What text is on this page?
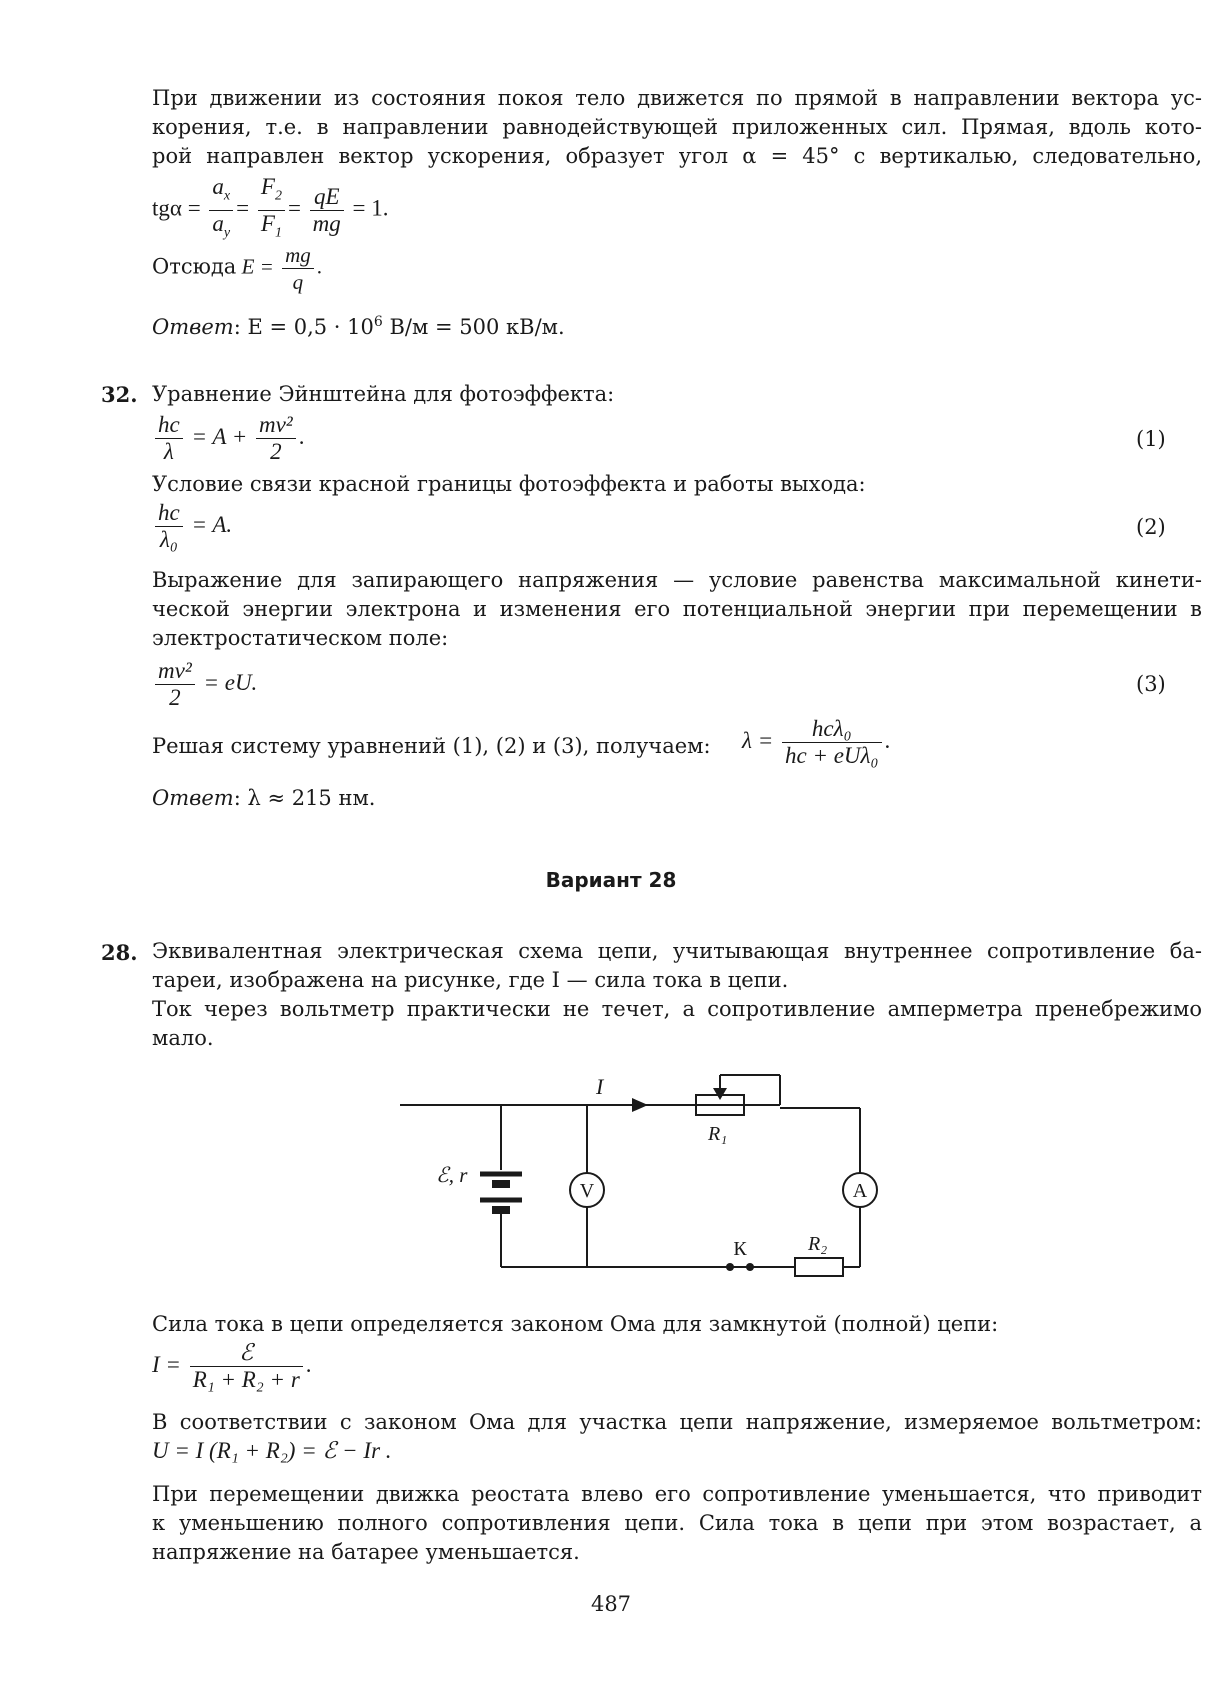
При движении из состояния покоя тело движется по прямой в направлении вектора ус-
корения, т.е. в направлении равнодействующей приложенных сил. Прямая, вдоль кото-
рой направлен вектор ускорения, образует угол α = 45° с вертикалью, следовательно,
$tg\alpha = \frac{a_x}{a_y} = \frac{F_2}{F_1} = \frac{qE}{mg} = 1$.
Отсюда $E = \frac{mg}{q}$ .
Ответ: $E = 0,5 \cdot 10^6$ В/м = 500 кВ/м.
32. Уравнение Эйнштейна для фотоэффекта:
$\frac{hc}{\lambda} = A + \frac{\text{mv²}}{2}$ .	(1)
Условие связи красной границы фотоэффекта и работы выхода:
$\frac{hc}{\text{λ₀}} = A$.	(2)
Выражение для запирающего напряжения — условие равенства максимальной кинети-
ческой энергии электрона и изменения его потенциальной энергии при перемещении в
электростатическом поле:
$\frac{\text{mv²}}{2}$ = eU.	(3)
Решая систему уравнений (1), (2) и (3), получаем: $\lambda = \frac{\text{hcλ₀}}{\text{hc + eUλ₀}}$ .
Ответ: λ ≈ 215 нм.
Вариант 28
28. Эквивалентная электрическая схема цепи, учитывающая внутреннее сопротивление ба-
тареи, изображена на рисунке, где I — сила тока в цепи.
Ток через вольтметр практически не течет, а сопротивление амперметра пренебрежимо
мало.
I
R₁
R₂
ℰ, r
V	A
К
Сила тока в цепи определяется законом Ома для замкнутой (полной) цепи:
$I = \frac{\text{ℰ}}{\text{R₁ + R₂ + r}}$ .
В соответствии с законом Ома для участка цепи напряжение, измеряемое вольтметром:
U = I (R₁ + R₂) = ℰ − Ir .
При перемещении движка реостата влево его сопротивление уменьшается, что приводит
к уменьшению полного сопротивления цепи. Сила тока в цепи при этом возрастает, а
напряжение на батарее уменьшается.
487
